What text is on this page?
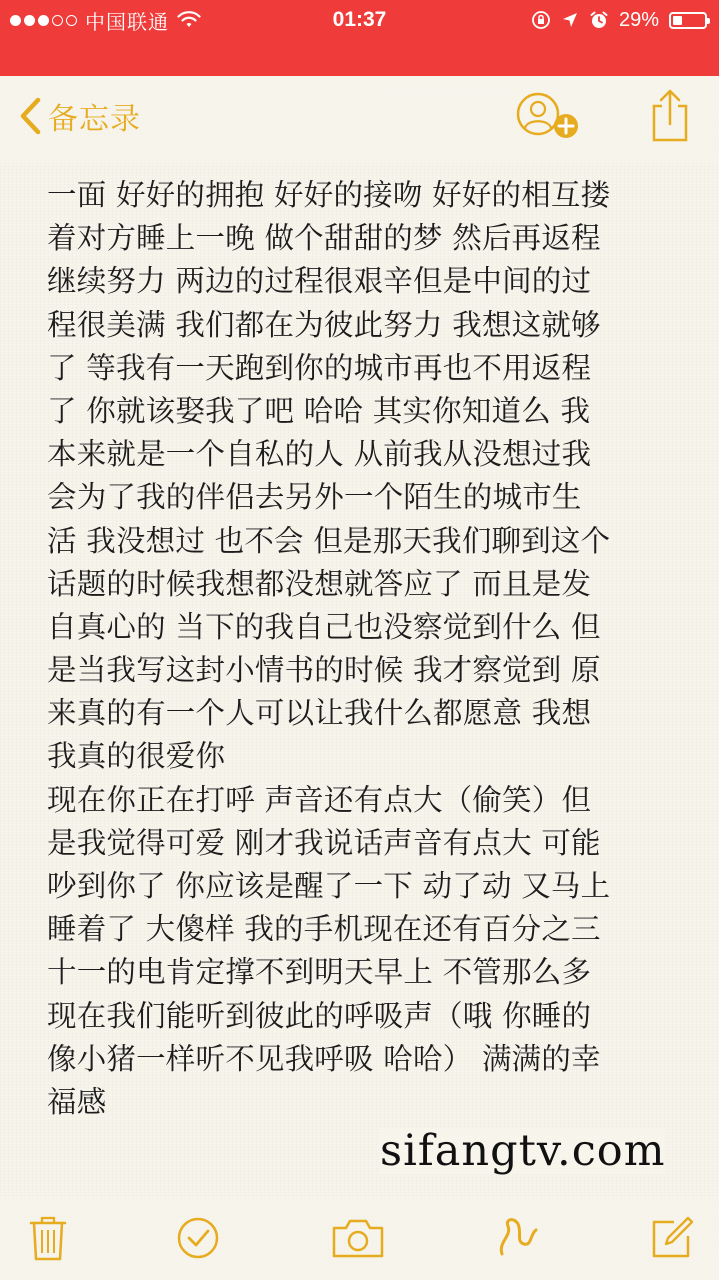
中国联通	01:37	29%
备忘录
一面 好好的拥抱 好好的接吻 好好的相互搂
着对方睡上一晚 做个甜甜的梦 然后再返程
继续努力 两边的过程很艰辛但是中间的过
程很美满 我们都在为彼此努力 我想这就够
了 等我有一天跑到你的城市再也不用返程
了 你就该娶我了吧 哈哈 其实你知道么 我
本来就是一个自私的人 从前我从没想过我
会为了我的伴侣去另外一个陌生的城市生
活 我没想过 也不会 但是那天我们聊到这个
话题的时候我想都没想就答应了 而且是发
自真心的 当下的我自己也没察觉到什么 但
是当我写这封小情书的时候 我才察觉到 原
来真的有一个人可以让我什么都愿意 我想
我真的很爱你
现在你正在打呼 声音还有点大（偷笑）但
是我觉得可爱 刚才我说话声音有点大 可能
吵到你了 你应该是醒了一下 动了动 又马上
睡着了 大傻样 我的手机现在还有百分之三
十一的电肯定撑不到明天早上 不管那么多
现在我们能听到彼此的呼吸声（哦 你睡的
像小猪一样听不见我呼吸 哈哈） 满满的幸
福感
sifangtv.com
